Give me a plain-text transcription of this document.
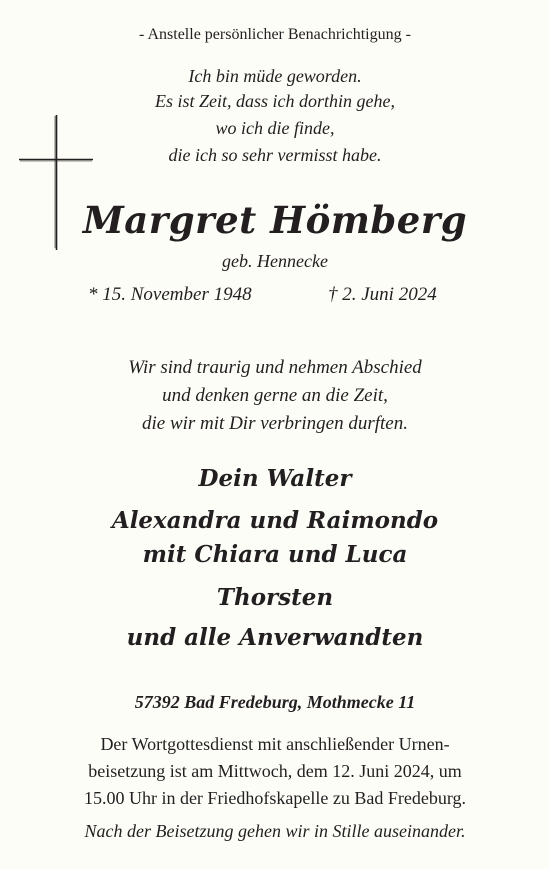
- Anstelle persönlicher Benachrichtigung -
Ich bin müde geworden.
Es ist Zeit, dass ich dorthin gehe,
wo ich die finde,
die ich so sehr vermisst habe.
Margret Hömberg
geb. Hennecke
* 15. November 1948	† 2. Juni 2024
Wir sind traurig und nehmen Abschied
und denken gerne an die Zeit,
die wir mit Dir verbringen durften.
Dein Walter
Alexandra und Raimondo
mit Chiara und Luca
Thorsten
und alle Anverwandten
57392 Bad Fredeburg, Mothmecke 11
Der Wortgottesdienst mit anschließender Urnen-
beisetzung ist am Mittwoch, dem 12. Juni 2024, um
15.00 Uhr in der Friedhofskapelle zu Bad Fredeburg.
Nach der Beisetzung gehen wir in Stille auseinander.
